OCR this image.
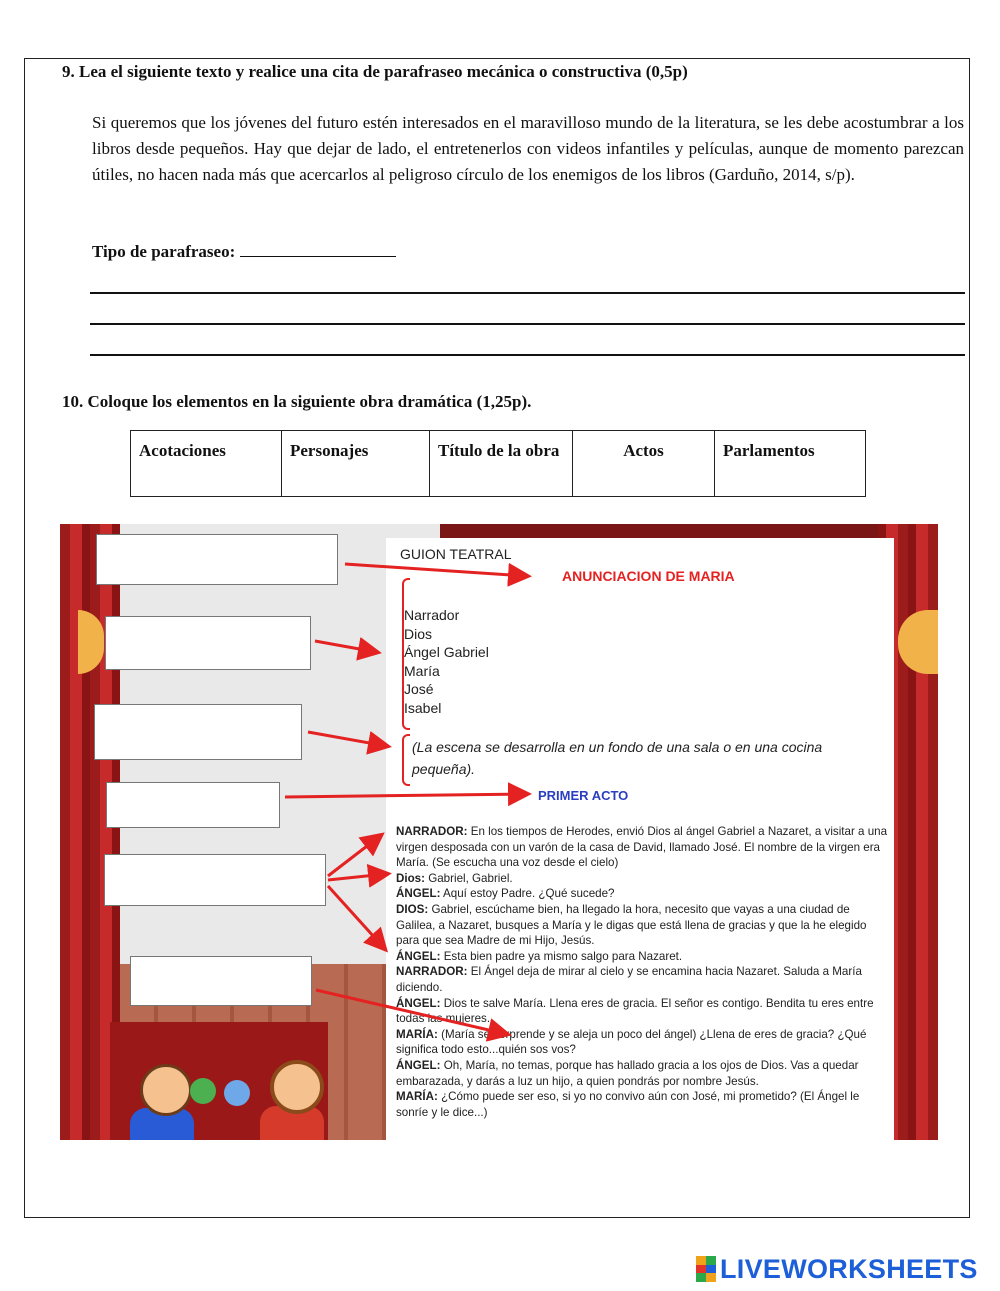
9. Lea el siguiente texto y realice una cita de parafraseo mecánica o constructiva (0,5p)
Si queremos que los jóvenes del futuro estén interesados en el maravilloso mundo de la literatura, se les debe acostumbrar a los libros desde pequeños. Hay que dejar de lado, el entretenerlos con videos infantiles y películas, aunque de momento parezcan útiles, no hacen nada más que acercarlos al peligroso círculo de los enemigos de los libros (Garduño, 2014, s/p).
Tipo de parafraseo:
10. Coloque los elementos en la siguiente obra dramática (1,25p).
Acotaciones	Personajes	Título de la obra	Actos	Parlamentos
GUION TEATRAL
ANUNCIACION DE MARIA
Narrador
Dios
Ángel Gabriel
María
José
Isabel
(La escena se desarrolla en un fondo de una sala o en una cocina pequeña).
PRIMER ACTO
NARRADOR: En los tiempos de Herodes, envió Dios al ángel Gabriel a Nazaret, a visitar a una virgen desposada con un varón de la casa de David, llamado José. El nombre de la virgen era María. (Se escucha una voz desde el cielo)
Dios: Gabriel, Gabriel.
ÁNGEL: Aquí estoy Padre. ¿Qué sucede?
DIOS: Gabriel, escúchame bien, ha llegado la hora, necesito que vayas a una ciudad de Galilea, a Nazaret, busques a María y le digas que está llena de gracias y que la he elegido para que sea Madre de mi Hijo, Jesús.
ÁNGEL: Esta bien padre ya mismo salgo para Nazaret.
NARRADOR: El Ángel deja de mirar al cielo y se encamina hacia Nazaret. Saluda a María diciendo.
ÁNGEL: Dios te salve María. Llena eres de gracia. El señor es contigo. Bendita tu eres entre todas las mujeres.
MARÍA: (María se sorprende y se aleja un poco del ángel) ¿Llena de eres de gracia? ¿Qué significa todo esto...quién sos vos?
ÁNGEL: Oh, María, no temas, porque has hallado gracia a los ojos de Dios. Vas a quedar embarazada, y darás a luz un hijo, a quien pondrás por nombre Jesús.
MARÍA: ¿Cómo puede ser eso, si yo no convivo aún con José, mi prometido? (El Ángel le sonríe y le dice...)
LIVEWORKSHEETS
